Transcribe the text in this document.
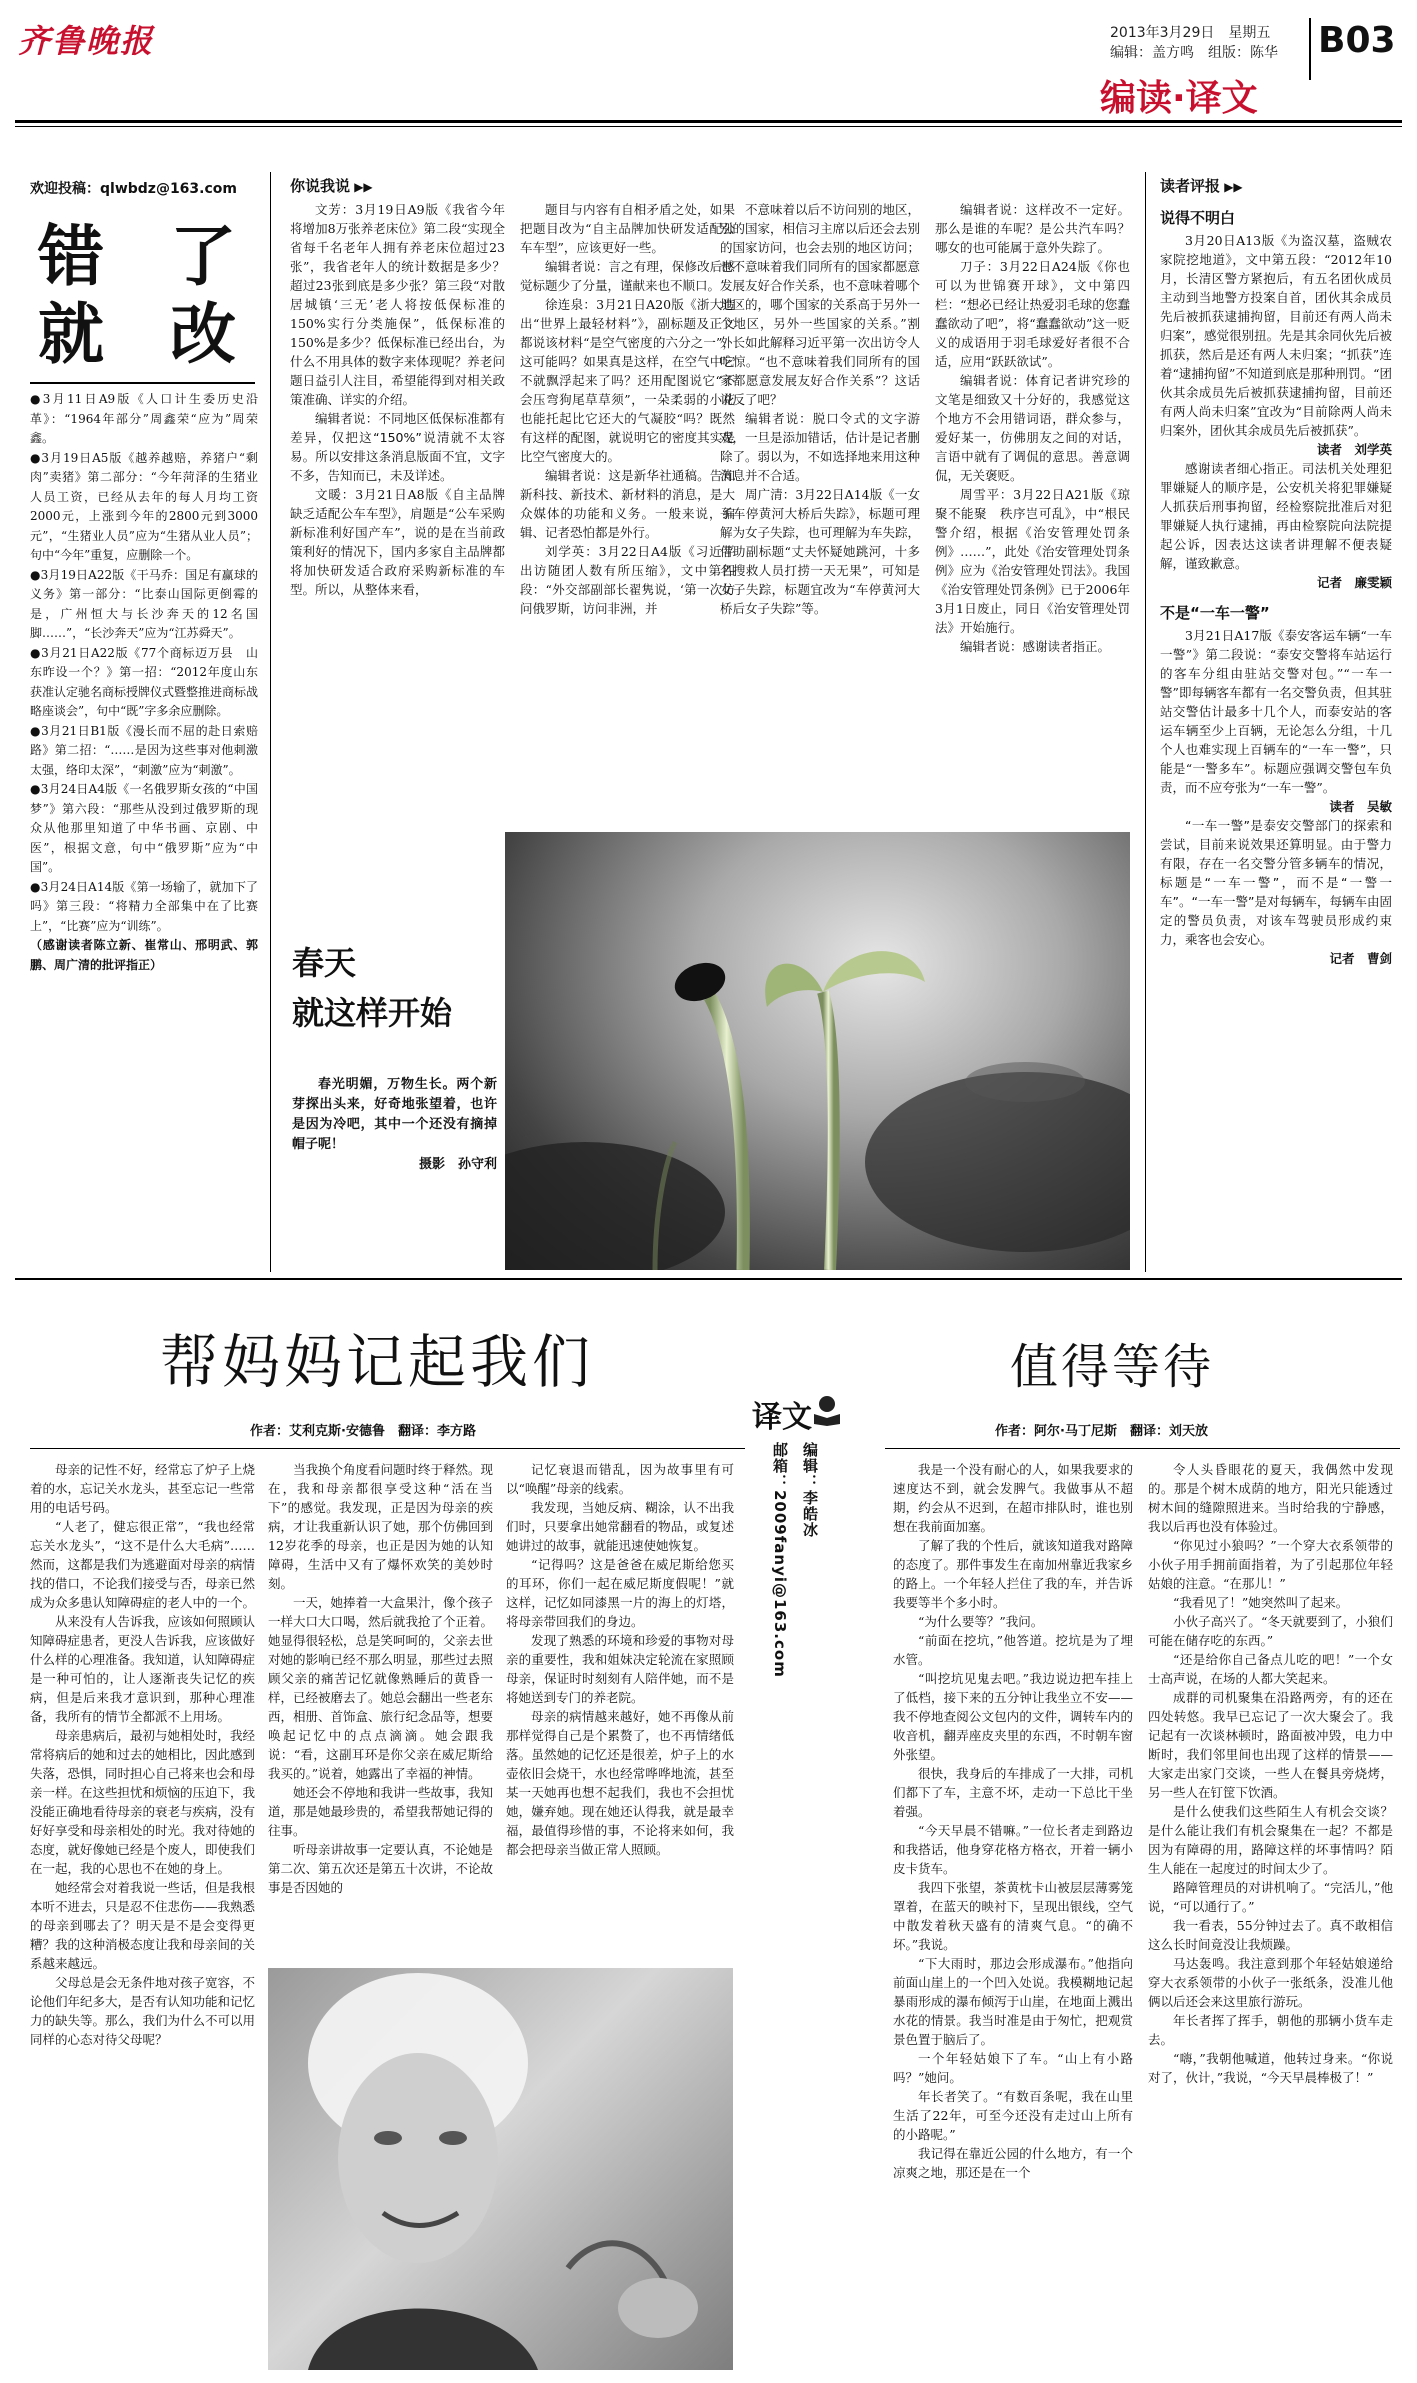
齐鲁晚报	2013年3月29日　星期五
编辑：盖方鸣　组版：陈华 B03
编读·译文
欢迎投稿：qlwbdz@163.com
错　了
就　改

●3月11日A9版《人口计生委历史沿革》：“1964年部分”周鑫荣“应为”周荣鑫。

●3月19日A5版《越养越赔，养猪户“剩肉”卖猪》第二部分：“今年菏泽的生猪业人员工资，已经从去年的每人月均工资2000元，上涨到今年的2800元到3000元”，“生猪业人员”应为“生猪从业人员”；句中“今年”重复，应删除一个。

●3月19日A22版《干马乔：国足有赢球的义务》第一部分：“比泰山国际更倒霉的是，广州恒大与长沙奔天的12名国脚……”，“长沙奔天”应为“江苏舜天”。

●3月21日A22版《77个商标迈万县　山东昨设一个？》第一招：“2012年度山东获准认定驰名商标授牌仪式暨整推进商标战略座谈会”，句中“既”字多余应删除。

●3月21日B1版《漫长而不屈的赴日索赔路》第二招：“……是因为这些事对他刺激太强，络印太深”，“刺激”应为“刺激”。

●3月24日A4版《一名俄罗斯女孩的“中国梦”》第六段：“那些从没到过俄罗斯的现众从他那里知道了中华书画、京剧、中医”，根据文意，句中“俄罗斯”应为“中国”。

●3月24日A14版《第一场输了，就加下了吗》第三段：“将精力全部集中在了比赛上”，“比赛”应为“训练”。

（感谢读者陈立新、崔常山、邢明武、郭鹏、周广清的批评指正）

你说我说 ▶▶

文芳：3月19日A9版《我省今年将增加8万张养老床位》第二段“实现全省每千名老年人拥有养老床位超过23张”，我省老年人的统计数据是多少？超过23张到底是多少张？第三段“对散居城镇‘三无’老人将按低保标准的150%实行分类施保”，低保标准的150%是多少？低保标准已经出台，为什么不用具体的数字来体现呢？养老问题日益引人注目，希望能得到对相关政策准确、详实的介绍。

编辑者说：不同地区低保标准都有差异，仅把这“150%”说清就不太容易。所以安排这条消息版面不宜，文字不多，告知而已，未及详述。

文暖：3月21日A8版《自主品牌缺乏适配公车车型》，肩题是“公车采购新标准利好国产车”，说的是在当前政策利好的情况下，国内多家自主品牌都将加快研发适合政府采购新标准的车型。所以，从整体来看，

题目与内容有自相矛盾之处，如果把题目改为“自主品牌加快研发适配公车车型”，应该更好一些。

编辑者说：言之有理，保修改后感觉标题少了分量，谨献来也不顺口。

徐连泉：3月21日A20版《浙大造出“世界上最轻材料”》，副标题及正文都说该材料“是空气密度的六分之一”，这可能吗？如果真是这样，在空气中它不就飘浮起来了吗？还用配图说它“不会压弯狗尾草草须”，一朵柔弱的小花也能托起比它还大的气凝胶“吗？既然有这样的配图，就说明它的密度其实是比空气密度大的。

编辑者说：这是新华社通稿。告知新科技、新技术、新材料的消息，是大众媒体的功能和义务。一般来说，编辑、记者恐怕都是外行。

刘学英：3月22日A4版《习近平出访随团人数有所压缩》，文中第四段：“外交部副部长翟隽说，‘第一次访问俄罗斯，访问非洲，并

不意味着以后不访问别的地区，别的国家，相信习主席以后还会去别的国家访问，也会去别的地区访问；也不意味着我们同所有的国家都愿意发展友好合作关系，也不意味着哪个地区的，哪个国家的关系高于另外一个地区，另外一些国家的关系。”割外长如此解释习近平第一次出访令人吃惊。“也不意味着我们同所有的国家都愿意发展友好合作关系”？这话说反了吧？

编辑者说：脱口令式的文字游戏，一旦是添加错话，估计是记者删除了。弱以为，不如选择地来用这种消息并不合适。

周广清：3月22日A14版《一女子车停黄河大桥后失踪》，标题可理解为女子失踪，也可理解为车失踪，借助副标题“丈夫怀疑她跳河，十多名搜救人员打捞一天无果”，可知是女子失踪，标题宜改为“车停黄河大桥后女子失踪”等。

编辑者说：这样改不一定好。那么是谁的车呢？是公共汽车吗？哪女的也可能属于意外失踪了。

刀子：3月22日A24版《你也可以为世锦赛开球》，文中第四栏：“想必已经让热爱羽毛球的您蠢蠢欲动了吧”，将“蠢蠢欲动”这一贬义的成语用于羽毛球爱好者很不合适，应用“跃跃欲试”。

编辑者说：体育记者讲究珍的文笔是细致又十分好的，我感觉这个地方不会用错词语，群众参与，爱好某一，仿佛朋友之间的对话，言语中就有了调侃的意思。善意调侃，无关褒贬。

周雪平：3月22日A21版《琼聚不能聚　秩序岂可乱》，中“根民警介绍，根据《治安管理处罚条例》……”，此处《治安管理处罚条例》应为《治安管理处罚法》。我国《治安管理处罚条例》已于2006年3月1日废止，同日《治安管理处罚法》开始施行。

编辑者说：感谢读者指正。

读者评报 ▶▶
说得不明白

3月20日A13版《为盗汉墓，盗贼农家院挖地道》，文中第五段：“2012年10月，长清区警方紧抱后，有五名团伙成员主动到当地警方投案自首，团伙其余成员先后被抓获逮捕拘留，目前还有两人尚未归案”，感觉很别扭。先是其余同伙先后被抓获，然后是还有两人未归案；“抓获”连着“逮捕拘留”不知道到底是那种刑罚。“团伙其余成员先后被抓获逮捕拘留，目前还有两人尚未归案”宜改为“目前除两人尚未归案外，团伙其余成员先后被抓获”。

读者　刘学英

感谢读者细心指正。司法机关处理犯罪嫌疑人的顺序是，公安机关将犯罪嫌疑人抓获后刑事拘留，经检察院批准后对犯罪嫌疑人执行逮捕，再由检察院向法院提起公诉，因表达这读者讲理解不便表疑解，谨致歉意。

记者　廉雯颖

不是“一车一警”

3月21日A17版《泰安客运车辆“一车一警”》第二段说：“泰安交警将车站运行的客车分组由驻站交警对包。”“一车一警”即每辆客车都有一名交警负责，但其驻站交警估计最多十几个人，而泰安站的客运车辆至少上百辆，无论怎么分组，十几个人也难实现上百辆车的“一车一警”，只能是“一警多车”。标题应强调交警包车负责，而不应夸张为“一车一警”。

读者　吴敏

“一车一警”是泰安交警部门的探索和尝试，目前来说效果还算明显。由于警力有限，存在一名交警分管多辆车的情况，标题是“一车一警”，而不是“一警一车”。“一车一警”是对每辆车，每辆车由固定的警员负责，对该车驾驶员形成约束力，乘客也会安心。

记者　曹剑

春天
就这样开始

春光明媚，万物生长。两个新芽探出头来，好奇地张望着，也许是因为冷吧，其中一个还没有摘掉帽子呢！

摄影　孙守利

帮妈妈记起我们
作者：艾利克斯·安德鲁　翻译：李方路

母亲的记性不好，经常忘了炉子上烧着的水，忘记关水龙头，甚至忘记一些常用的电话号码。

“人老了，健忘很正常”，“我也经常忘关水龙头”，“这不是什么大毛病”……然而，这都是我们为逃避面对母亲的病情找的借口，不论我们接受与否，母亲已然成为众多患认知障碍症的老人中的一个。

从来没有人告诉我，应该如何照顾认知障碍症患者，更没人告诉我，应该做好什么样的心理准备。我知道，认知障碍症是一种可怕的，让人逐渐丧失记忆的疾病，但是后来我才意识到，那种心理准备，我所有的情节全都派不上用场。

母亲患病后，最初与她相处时，我经常将病后的她和过去的她相比，因此感到失落，恐惧，同时担心自己将来也会和母亲一样。在这些担忧和烦恼的压迫下，我没能正确地看待母亲的衰老与疾病，没有好好享受和母亲相处的时光。我对待她的态度，就好像她已经是个废人，即使我们在一起，我的心思也不在她的身上。

她经常会对着我说一些话，但是我根本听不进去，只是忍不住悲伤——我熟悉的母亲到哪去了？明天是不是会变得更糟？我的这种消极态度让我和母亲间的关系越来越远。

父母总是会无条件地对孩子宽容，不论他们年纪多大，是否有认知功能和记忆力的缺失等。那么，我们为什么不可以用同样的心态对待父母呢？

当我换个角度看问题时终于释然。现在，我和母亲都很享受这种“活在当下”的感觉。我发现，正是因为母亲的疾病，才让我重新认识了她，那个仿佛回到12岁花季的母亲，也正是因为她的认知障碍，生活中又有了爆怀欢笑的美妙时刻。

一天，她捧着一大盒果汁，像个孩子一样大口大口喝，然后就我抢了个正着。她显得很轻松，总是笑呵呵的，父亲去世对她的影响已经不那么明显，那些过去照顾父亲的痛苦记忆就像熟睡后的黄昏一样，已经被磨去了。她总会翻出一些老东西，相册、首饰盒、旅行纪念品等，想要唤起记忆中的点点滴滴。她会跟我说：“看，这副耳环是你父亲在威尼斯给我买的。”说着，她露出了幸福的神情。

她还会不停地和我讲一些故事，我知道，那是她最珍贵的，希望我帮她记得的往事。

听母亲讲故事一定要认真，不论她是第二次、第五次还是第五十次讲，不论故事是否因她的

记忆衰退而错乱，因为故事里有可以“唤醒”母亲的线索。

我发现，当她反病、糊涂，认不出我们时，只要拿出她常翻看的物品，或复述她讲过的故事，就能迅速使她恢复。

“记得吗？这是爸爸在威尼斯给您买的耳环，你们一起在威尼斯度假呢！”就这样，记忆如同漆黑一片的海上的灯塔，将母亲带回我们的身边。

发现了熟悉的环境和珍爱的事物对母亲的重要性，我和姐妹决定轮流在家照顾母亲，保证时时刻刻有人陪伴她，而不是将她送到专门的养老院。

母亲的病情越来越好，她不再像从前那样觉得自己是个累赘了，也不再情绪低落。虽然她的记忆还是很差，炉子上的水壶依旧会烧干，水也经常哗哗地流，甚至某一天她再也想不起我们，我也不会担忧她，嫌弃她。现在她还认得我，就是最幸福，最值得珍惜的事，不论将来如何，我都会把母亲当做正常人照顾。

译文
编辑：李皓冰
邮箱：2009fanyi@163.com
值得等待
作者：阿尔·马丁尼斯　翻译：刘天放

我是一个没有耐心的人，如果我要求的速度达不到，就会发脾气。我做事从不超期，约会从不迟到，在超市排队时，谁也别想在我前面加塞。

了解了我的个性后，就该知道我对路障的态度了。那件事发生在南加州靠近我家乡的路上。一个年轻人拦住了我的车，并告诉我要等半个多小时。

“为什么要等？”我问。

“前面在挖坑，”他答道。挖坑是为了埋水管。

“叫挖坑见鬼去吧。”我边说边把车挂上了低档，接下来的五分钟让我坐立不安——我不停地查阅公文包内的文件，调转车内的收音机，翻弄座皮夹里的东西，不时朝车窗外张望。

很快，我身后的车排成了一大排，司机们都下了车，主意不坏，走动一下总比干坐着强。

“今天早晨不错嘛。”一位长者走到路边和我搭话，他身穿花格方格衣，开着一辆小皮卡货车。

我四下张望，茶黄枕卡山被层层薄雾笼罩着，在蓝天的映衬下，呈现出银线，空气中散发着秋天盛有的清爽气息。“的确不坏。”我说。

“下大雨时，那边会形成瀑布。”他指向前面山崖上的一个凹入处说。我模糊地记起暴雨形成的瀑布倾泻于山崖，在地面上溅出水花的情景。我当时准是由于匆忙，把观赏景色置于脑后了。

一个年轻姑娘下了车。“山上有小路吗？”她问。

年长者笑了。“有数百条呢，我在山里生活了22年，可至今还没有走过山上所有的小路呢。”

我记得在靠近公园的什么地方，有一个凉爽之地，那还是在一个

令人头昏眼花的夏天，我偶然中发现的。那是个树木成荫的地方，阳光只能透过树木间的缝隙照进来。当时给我的宁静感，我以后再也没有体验过。

“你见过小狼吗？”一个穿大衣系领带的小伙子用手拥前面指着，为了引起那位年轻姑娘的注意。“在那儿！”

“我看见了！”她突然叫了起来。

小伙子高兴了。“冬天就要到了，小狼们可能在储存吃的东西。”

“还是给你自己备点儿吃的吧！”一个女士高声说，在场的人都大笑起来。

成群的司机聚集在沿路两旁，有的还在四处转悠。我早已忘记了一次大聚会了。我记起有一次谈林顿时，路面被冲毁，电力中断时，我们邻里间也出现了这样的情景——大家走出家门交谈，一些人在餐具旁烧烤，另一些人在钉筐下饮酒。

是什么使我们这些陌生人有机会交谈？是什么能让我们有机会聚集在一起？不都是因为有障碍的用，路障这样的坏事情吗？陌生人能在一起度过的时间太少了。

路障管理员的对讲机响了。“完活儿，”他说，“可以通行了。”

我一看表，55分钟过去了。真不敢相信这么长时间竟没让我烦躁。

马达轰鸣。我注意到那个年轻姑娘递给穿大衣系领带的小伙子一张纸条，没准儿他俩以后还会来这里旅行游玩。

年长者挥了挥手，朝他的那辆小货车走去。

“嗨，”我朝他喊道，他转过身来。“你说对了，伙计，”我说，“今天早晨棒极了！”
